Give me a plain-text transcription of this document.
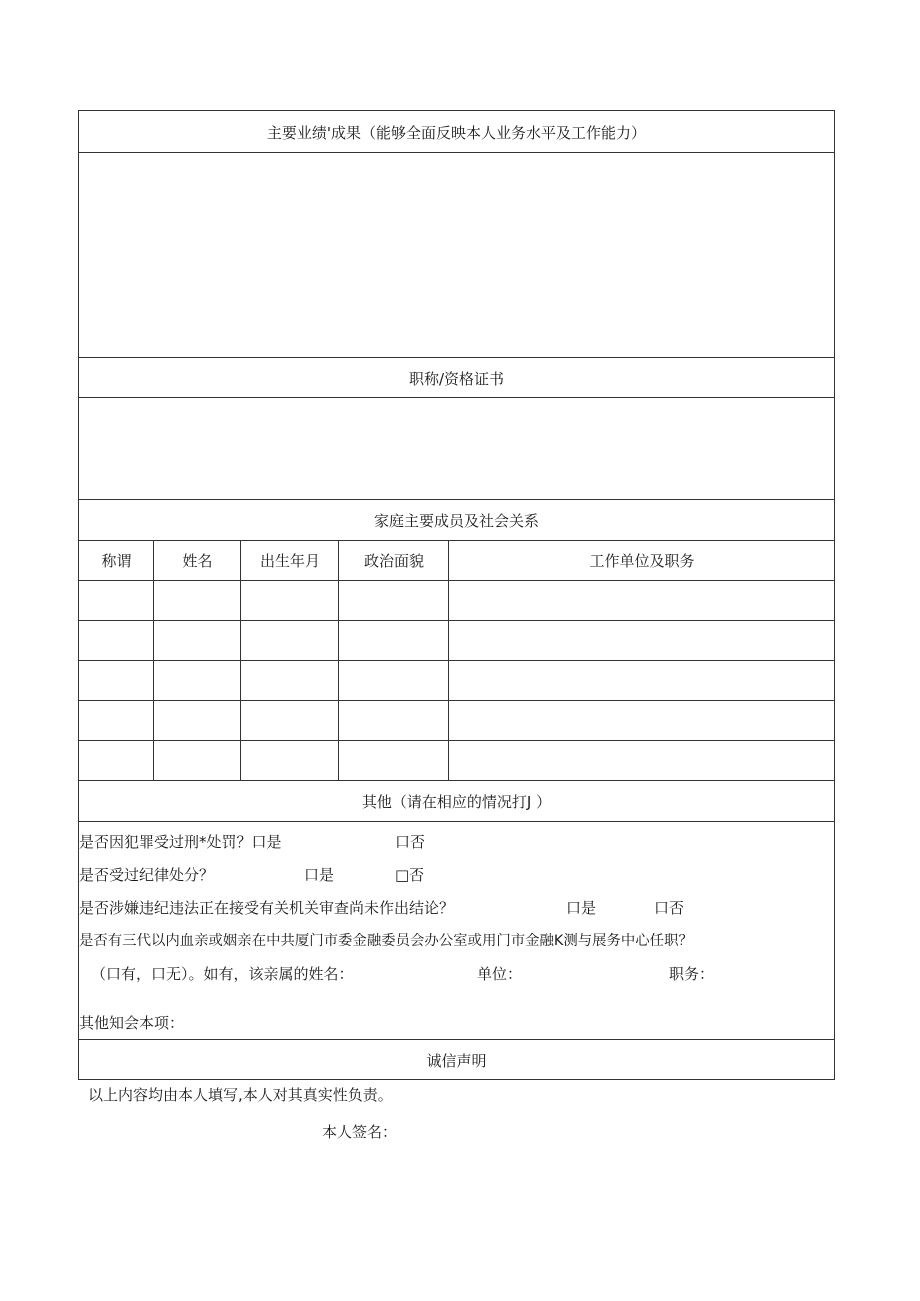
主要业绩'成果（能够全面反映本人业务水平及工作能力）
职称/资格证书
家庭主要成员及社会关系
称谓	姓名	出生年月	政治面貌	工作单位及职务
其他（请在相应的情况打J ）
是否因犯罪受过刑*处罚？口是	口否
是否受过纪律处分？	口是	□否
是否涉嫌违纪违法正在接受有关机关审查尚未作出结论？	口是	口否
是否有三代以内血亲或姻亲在中共厦门市委金融委员会办公室或用门市金融K测与展务中心任职？
（口有，口无）。如有，该亲属的姓名：	单位：	职务：
其他知会本项：
诚信声明
以上内容均由本人填写,本人对其真实性负责。
本人签名：
